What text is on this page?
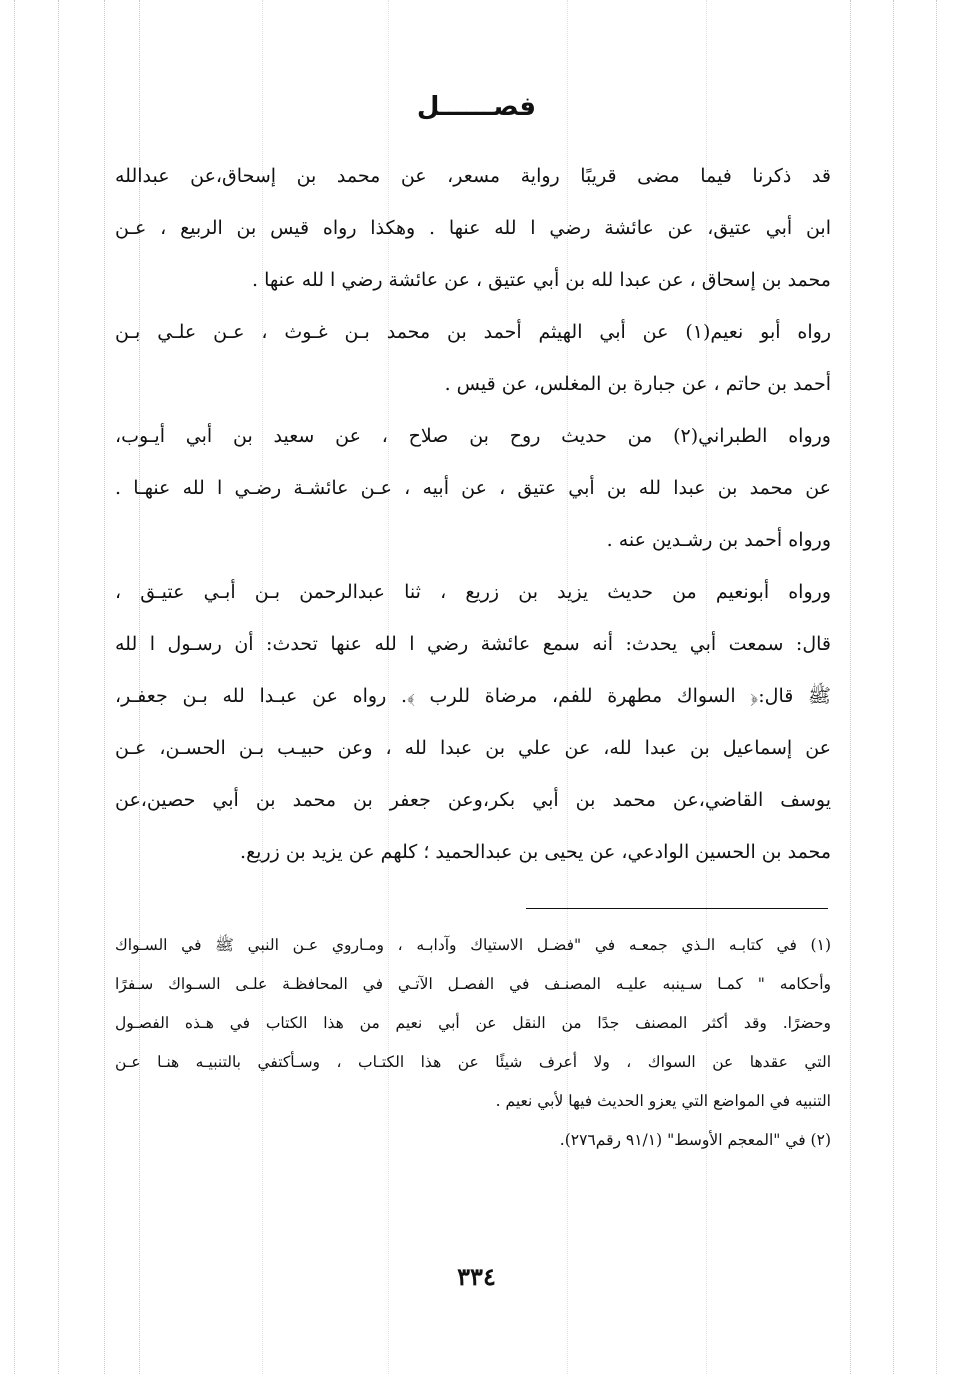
فصــــــل
قد ذكرنا فيما مضى قريبًا رواية مسعر، عن محمد بن إسحاق،عن عبدالله
ابن أبي عتيق، عن عائشة رضي ا لله عنها . وهكذا رواه قيس بن الربيع ، عـن
محمد بن إسحاق ، عن عبدا لله بن أبي عتيق ، عن عائشة رضي ا لله عنها .
رواه أبو نعيم(١) عن أبي الهيثم أحمد بن محمد بـن غـوث ، عـن علـي بـن
أحمد بن حاتم ، عن جبارة بن المغلس، عن قيس .
ورواه الطبراني(٢) من حديث روح بن صلاح ، عن سعيد بن أبي أيـوب،
عن محمد بن عبدا لله بن أبي عتيق ، عن أبيه ، عـن عائشـة رضـي ا لله عنهـا .
ورواه أحمد بن رشـدين عنه .
ورواه أبونعيم من حديث يزيد بن زريع ، ثنا عبدالرحمن بـن أبـي عتيـق ،
قال: سمعت أبي يحدث: أنه سمع عائشة رضي ا لله عنها تحدث: أن رسـول ا لله
ﷺ قال:﴿ السواك مطهرة للفم، مرضاة للرب ﴾. رواه عن عبـدا لله بـن جعفـر،
عن إسماعيل بن عبدا لله، عن علي بن عبدا لله ، وعن حبيـب بـن الحسـن، عـن
يوسف القاضي،عن محمد بن أبي بكر،وعن جعفر بن محمد بن أبي حصين،عن
محمد بن الحسين الوادعي، عن يحيى بن عبدالحميد ؛ كلهم عن يزيد بن زريع.
(١) في كتابـه الـذي جمعـه في "فضـل الاستياك وآدابـه ، ومـاروي عـن النبي ﷺ في السـواك
وأحكامه " كمـا سـينبه عليـه المصنـف في الفصـل الآتـي في المحافظـة علـى السـواك سـفرًا
وحضرًا. وقد أكثر المصنف جدًا من النقل عن أبي نعيم من هذا الكتاب في هـذه الفصـول
التي عقدها عن السواك ، ولا أعرف شيئًا عن هذا الكتـاب ، وسـأكتفي بالتنبيـه هنـا عـن
التنبيه في المواضع التي يعزو الحديث فيها لأبي نعيم .
(٢) في "المعجم الأوسط" (٩١/١ رقم٢٧٦).
٣٣٤
